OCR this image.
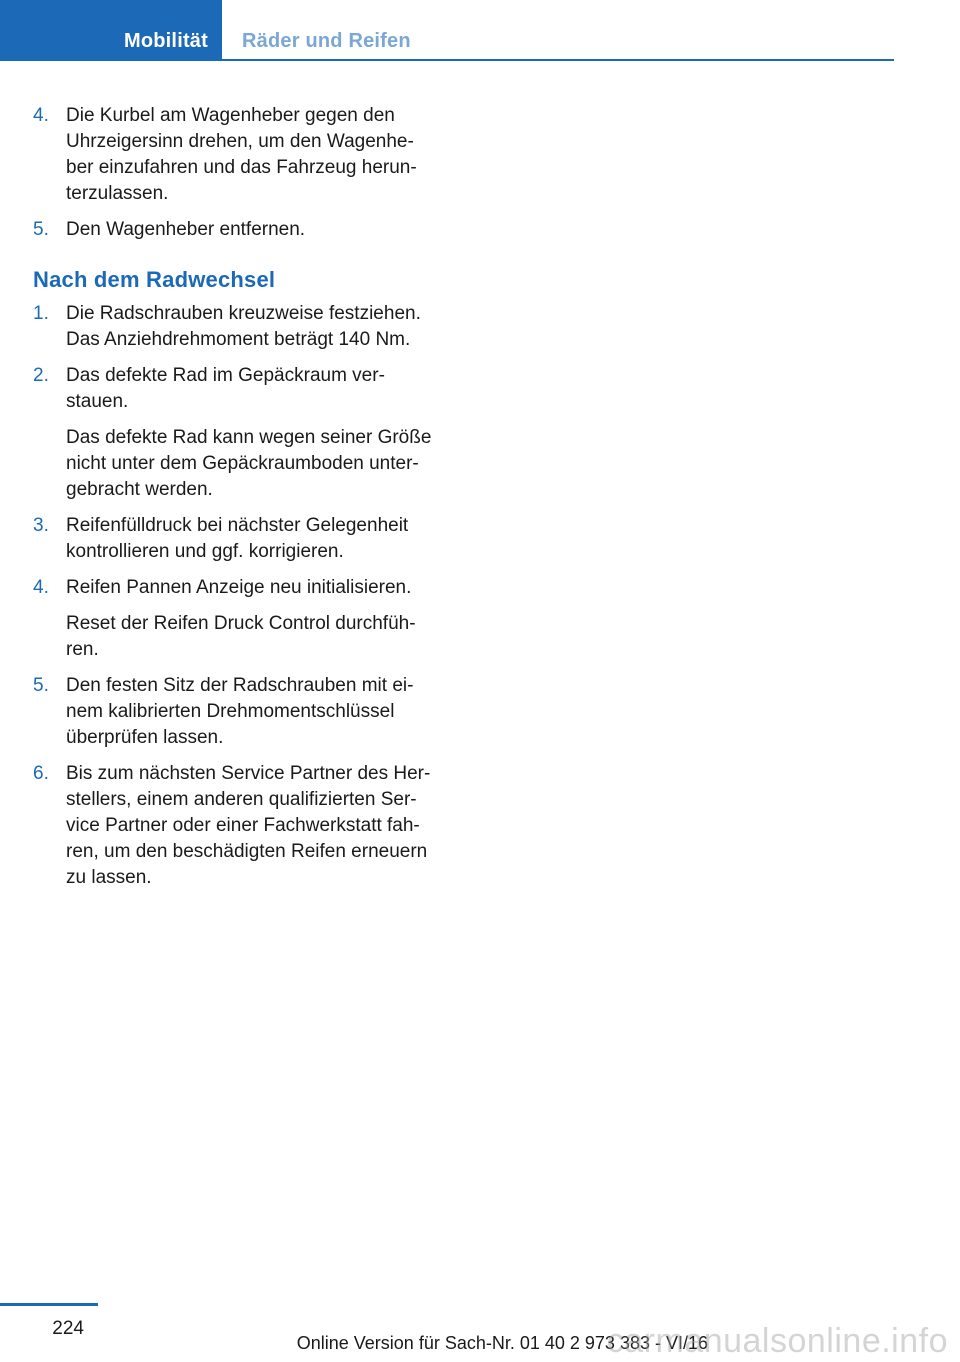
Mobilität	Räder und Reifen
4. Die Kurbel am Wagenheber gegen den
Uhrzeigersinn drehen, um den Wagenhe‐
ber einzufahren und das Fahrzeug herun‐
terzulassen.
5. Den Wagenheber entfernen.
Nach dem Radwechsel
1. Die Radschrauben kreuzweise festziehen.
Das Anziehdrehmoment beträgt 140 Nm.
2. Das defekte Rad im Gepäckraum ver‐
stauen.
Das defekte Rad kann wegen seiner Größe
nicht unter dem Gepäckraumboden unter‐
gebracht werden.
3. Reifenfülldruck bei nächster Gelegenheit
kontrollieren und ggf. korrigieren.
4. Reifen Pannen Anzeige neu initialisieren.
Reset der Reifen Druck Control durchfüh‐
ren.
5. Den festen Sitz der Radschrauben mit ei‐
nem kalibrierten Drehmomentschlüssel
überprüfen lassen.
6. Bis zum nächsten Service Partner des Her‐
stellers, einem anderen qualifizierten Ser‐
vice Partner oder einer Fachwerkstatt fah‐
ren, um den beschädigten Reifen erneuern
zu lassen.
224
Online Version für Sach-Nr. 01 40 2 973 383 - VI/16
carmanualsonline.info
